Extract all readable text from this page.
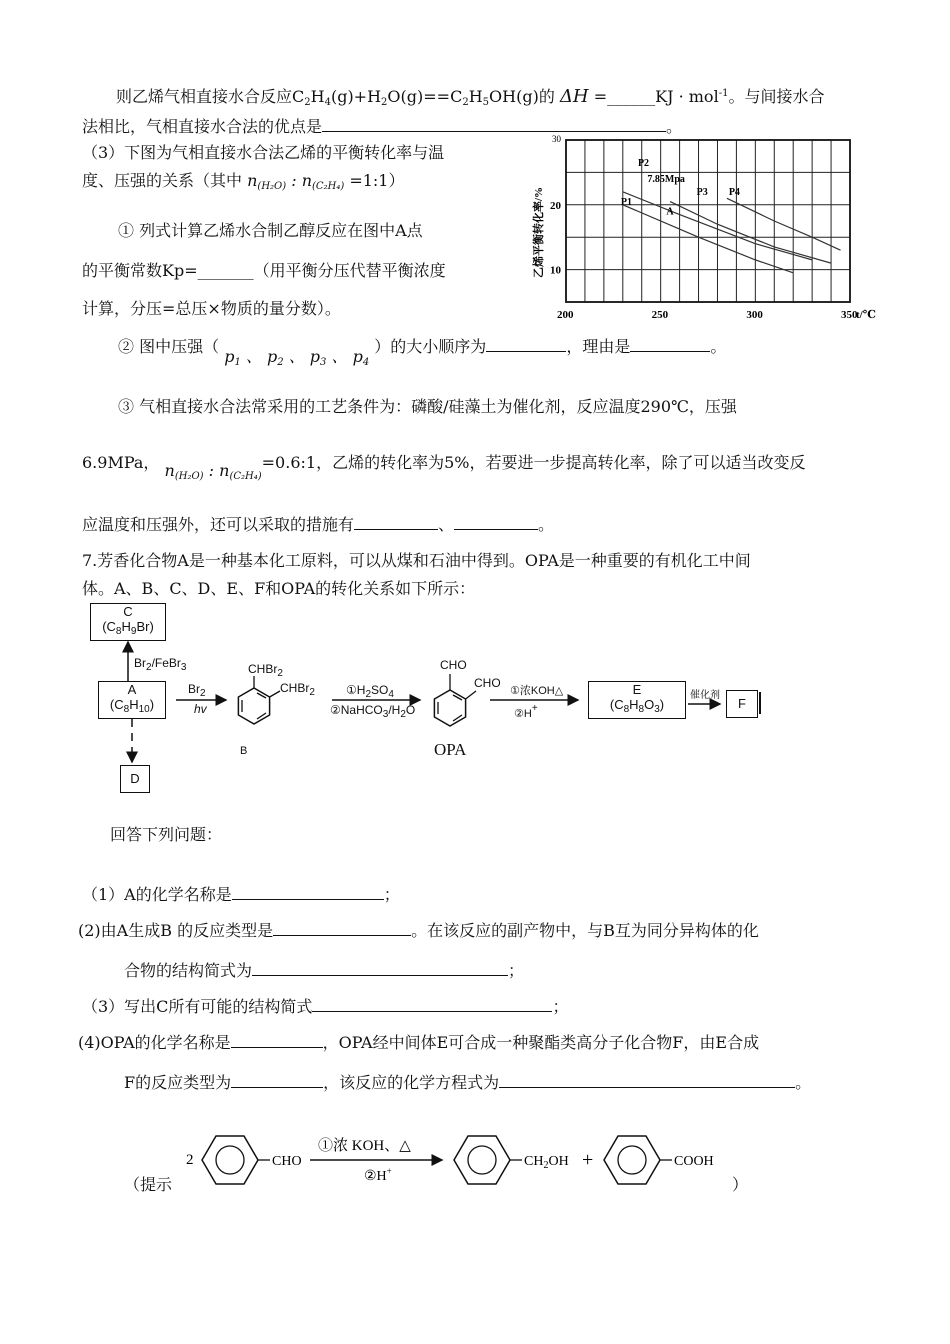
则乙烯气相直接水合反应$C_2H_4(g)+H_2O(g)==C_2H_5OH(g)$的 ΔH =______KJ · mol$^{-1}$。与间接水合
法相比，气相直接水合法的优点是	。
（3）下图为气相直接水合法乙烯的平衡转化率与温
度、压强的关系（其中 $n_{(H_2O)}$ : $n_{(C_2H_4)}$ =1:1）
① 列式计算乙烯水合制乙醇反应在图中A点
的平衡常数Kp=_______（用平衡分压代替平衡浓度
计算，分压=总压×物质的量分数）。
② 图中压强（ $p_1$ 、 $p_2$ 、 $p_3$ 、 $p_4$ ）的大小顺序为	，理由是	。
③ 气相直接水合法常采用的工艺条件为：磷酸/硅藻土为催化剂，反应温度290℃，压强
6.9MPa， $n_{(H_2O)}$ : $n_{(C_2H_4)}=0.6:1$，乙烯的转化率为5%，若要进一步提高转化率，除了可以适当改变反
应温度和压强外，还可以采取的措施有	、	。
P2
7.85Mpa
P1
A
P3 P4
200	250	300	350
t/℃
10
20
30
乙烯平衡转化率/%
7.芳香化合物A是一种基本化工原料，可以从煤和石油中得到。OPA是一种重要的有机化工中间
体。A、B、C、D、E、F和OPA的转化关系如下所示：
C
$(C_8H_9Br)$
A
$(C_8H_{10})$
D
E
$(C_8H_8O_3)$	F
$Br_2/FeBr_3$
$Br_2$
hv
CHBr$_2$
CHBr$_2$
B
$①H_2SO_4$
$②NaHCO_3/H_2O$
CHO
CHO
OPA
①浓KOH△
②H+
催化剂
回答下列问题：
（1）A的化学名称是	；
(2)由A生成B 的反应类型是	。在该反应的副产物中，与B互为同分异构体的化
合物的结构简式为	；
（3）写出C所有可能的结构简式	；
(4)OPA的化学名称是	，OPA经中间体E可合成一种聚酯类高分子化合物F，由E合成
F的反应类型为	，该反应的化学方程式为	。
（提示	）
2	CHO
①浓 KOH、△
②H+
$CH_2OH$ +	COOH
